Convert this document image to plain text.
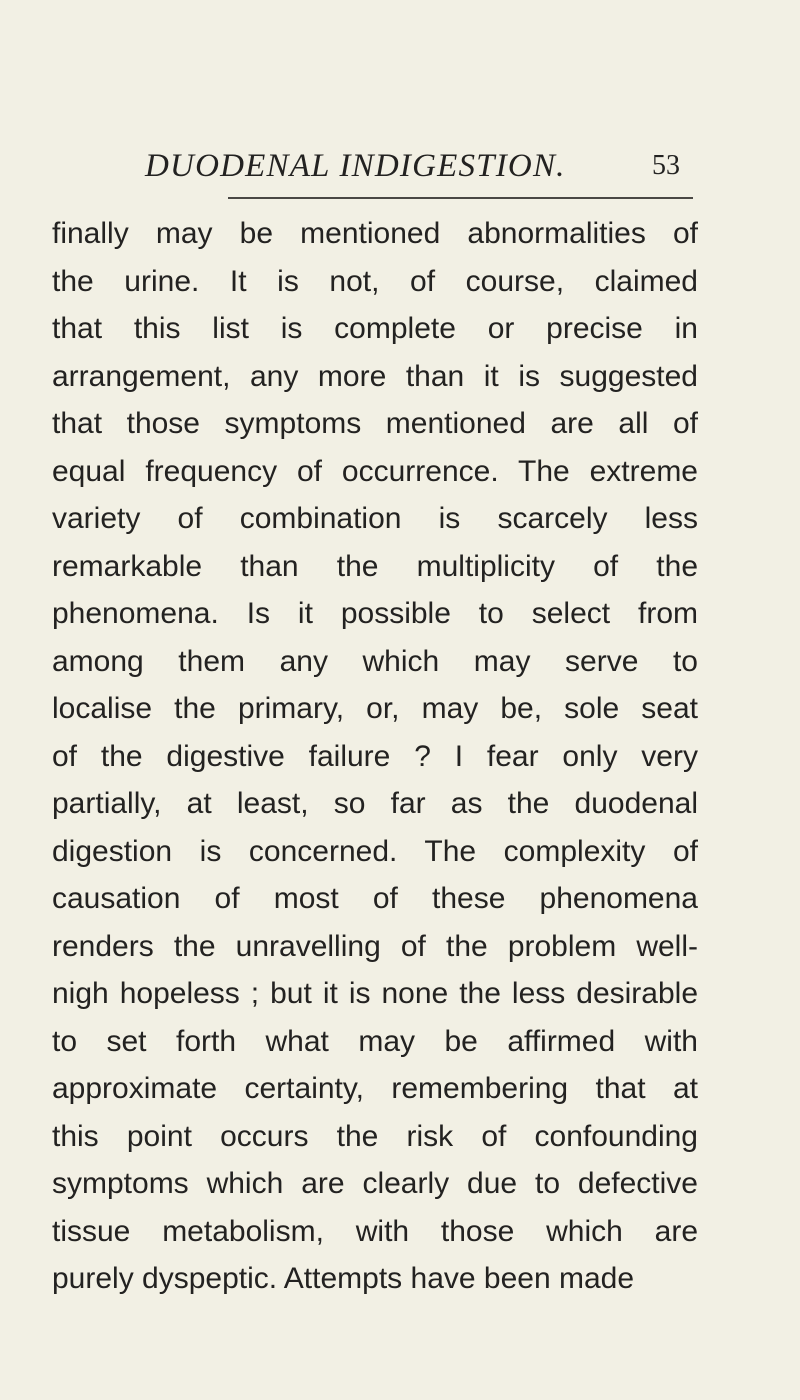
DUODENAL INDIGESTION.	53
finally may be mentioned abnormalities of
the urine. It is not, of course, claimed
that this list is complete or precise in
arrangement, any more than it is suggested
that those symptoms mentioned are all of
equal frequency of occurrence. The extreme
variety of combination is scarcely less
remarkable than the multiplicity of the
phenomena. Is it possible to select from
among them any which may serve to
localise the primary, or, may be, sole seat
of the digestive failure ? I fear only very
partially, at least, so far as the duodenal
digestion is concerned. The complexity of
causation of most of these phenomena
renders the unravelling of the problem well-
nigh hopeless ; but it is none the less desirable
to set forth what may be affirmed with
approximate certainty, remembering that at
this point occurs the risk of confounding
symptoms which are clearly due to defective
tissue metabolism, with those which are
purely dyspeptic. Attempts have been made
